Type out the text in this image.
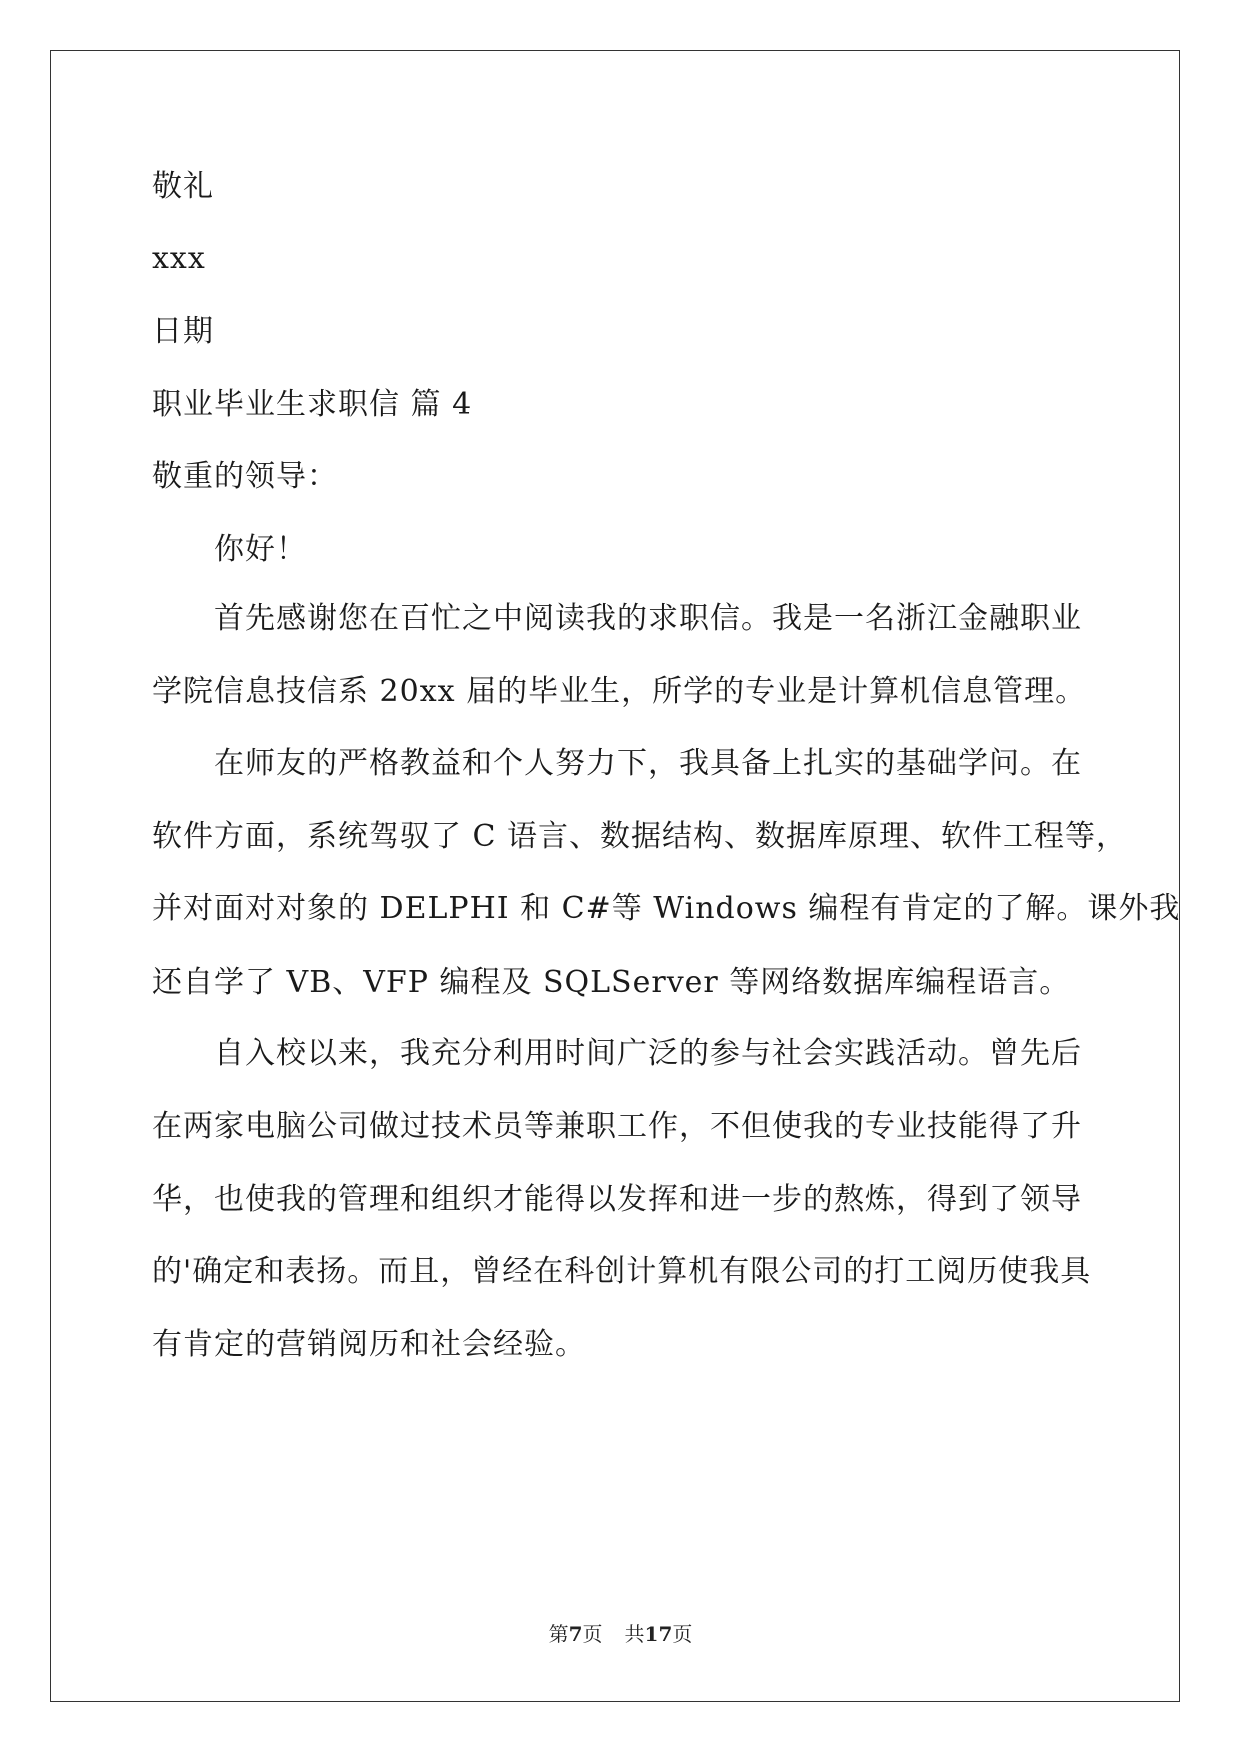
敬礼
xxx
日期
职业毕业生求职信 篇 4
敬重的领导：
你好！
首先感谢您在百忙之中阅读我的求职信。我是一名浙江金融职业
学院信息技信系 20xx 届的毕业生，所学的专业是计算机信息管理。
在师友的严格教益和个人努力下，我具备上扎实的基础学问。在
软件方面，系统驾驭了 C 语言、数据结构、数据库原理、软件工程等，
并对面对对象的 DELPHI 和 C#等 Windows 编程有肯定的了解。课外我
还自学了 VB、VFP 编程及 SQLServer 等网络数据库编程语言。
自入校以来，我充分利用时间广泛的参与社会实践活动。曾先后
在两家电脑公司做过技术员等兼职工作，不但使我的专业技能得了升
华，也使我的管理和组织才能得以发挥和进一步的熬炼，得到了领导
的'确定和表扬。而且，曾经在科创计算机有限公司的打工阅历使我具
有肯定的营销阅历和社会经验。
第7页 共17页
